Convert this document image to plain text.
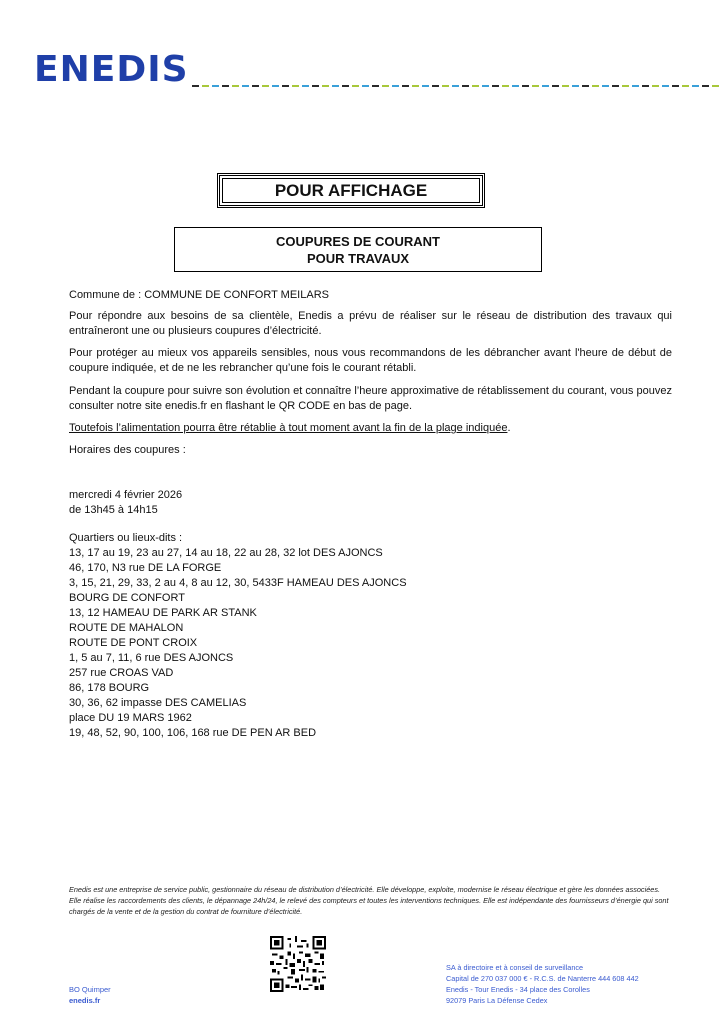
ENEDIS
POUR AFFICHAGE
COUPURES DE COURANT
POUR TRAVAUX
Commune de : COMMUNE DE CONFORT MEILARS
Pour répondre aux besoins de sa clientèle, Enedis a prévu de réaliser sur le réseau de distribution des travaux qui entraîneront une ou plusieurs coupures d’électricité.
Pour protéger au mieux vos appareils sensibles, nous vous recommandons de les débrancher avant l'heure de début de coupure indiquée, et de ne les rebrancher qu’une fois le courant rétabli.
Pendant la coupure pour suivre son évolution et connaître l’heure approximative de rétablissement du courant, vous pouvez consulter notre site enedis.fr en flashant le QR CODE en bas de page.
Toutefois l’alimentation pourra être rétablie à tout moment avant la fin de la plage indiquée.
Horaires des coupures :
mercredi 4 février 2026
de 13h45 à 14h15
Quartiers ou lieux-dits :
13, 17 au 19, 23 au 27, 14 au 18, 22 au 28, 32 lot DES AJONCS
46, 170, N3 rue DE LA FORGE
3, 15, 21, 29, 33, 2 au 4, 8 au 12, 30, 5433F HAMEAU DES AJONCS
BOURG DE CONFORT
13, 12 HAMEAU DE PARK AR STANK
ROUTE DE MAHALON
ROUTE DE PONT CROIX
1, 5 au 7, 11, 6 rue DES AJONCS
257 rue CROAS VAD
86, 178 BOURG
30, 36, 62 impasse DES CAMELIAS
place DU 19 MARS 1962
19, 48, 52, 90, 100, 106, 168 rue DE PEN AR BED
Enedis est une entreprise de service public, gestionnaire du réseau de distribution d’électricité. Elle développe, exploite, modernise le réseau électrique et gère les données associées. Elle réalise les raccordements des clients, le dépannage 24h/24, le relevé des compteurs et toutes les interventions techniques. Elle est indépendante des fournisseurs d’énergie qui sont chargés de la vente et de la gestion du contrat de fourniture d’électricité.
BO Quimper
enedis.fr
SA à directoire et à conseil de surveillance
Capital de 270 037 000 € - R.C.S. de Nanterre 444 608 442
Enedis - Tour Enedis - 34 place des Corolles
92079 Paris La Défense Cedex
